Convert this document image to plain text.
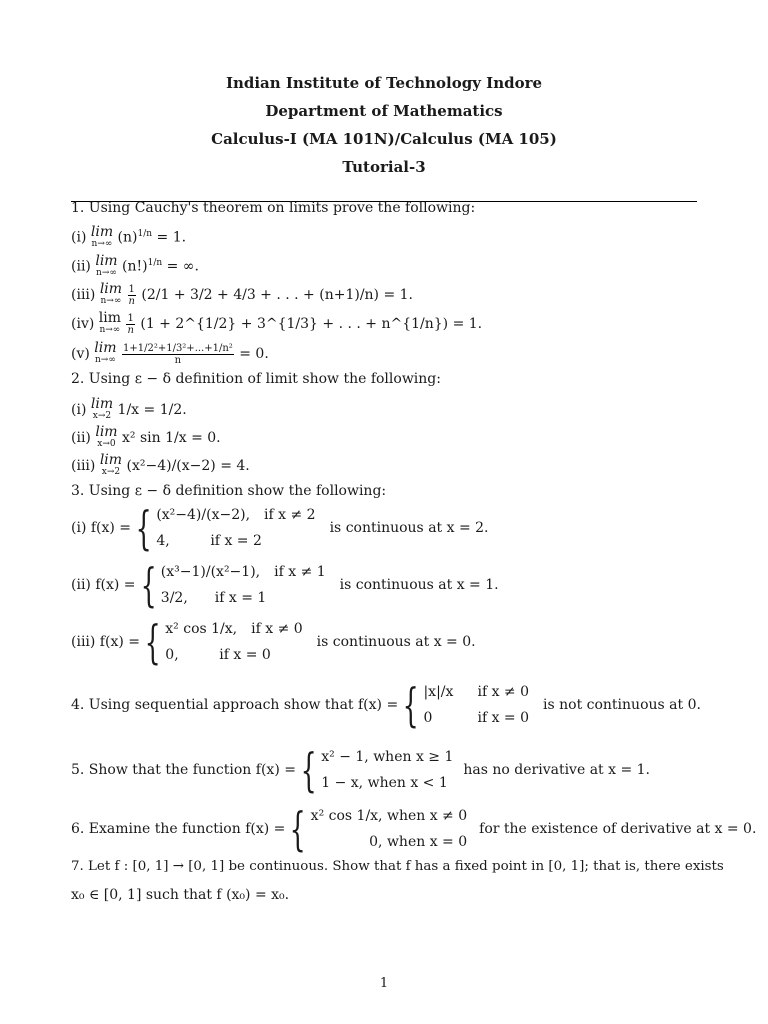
Indian Institute of Technology Indore
Department of Mathematics
Calculus-I (MA 101N)/Calculus (MA 105)
Tutorial-3
1. Using Cauchy's theorem on limits prove the following:
(i) lim
n→∞ $(n)^{1/n} = 1$.
(ii) lim
n→∞ $(n!)^{1/n}$ = ∞.
(iii) lim
n→∞
$\frac{1}{n} (2/1 + 3/2 + 4/3$ + . . . + (n+1)/n) = 1.
(iv) lim
n→∞
$\frac{1}{n} (1$ + 2^{1/2} + 3^{1/3} + . . . + n^{1/n}) = 1.
(v) lim
n→∞
$\frac{\text{1+1/2²+1/3²+...+1/n²}}{n} = 0$.
2. Using ε − δ definition of limit show the following:
(i) lim
x→2 1/x = 1/2.
(ii) lim
x→0 x² sin 1/x = 0.
(iii) lim
x→2 (x²−4)/(x−2) = 4.
3. Using ε − δ definition show the following:
(i) f(x) = { (x²−4)/(x−2), if x ≠ 2
4,	if x = 2
is continuous at x = 2.
(ii) f(x) = { (x³−1)/(x²−1), if x ≠ 1
3/2,	if x = 1
is continuous at x = 1.
(iii) f(x) = { x² cos 1/x, if x ≠ 0
0,	if x = 0
is continuous at x = 0.
4. Using sequential approach show that f(x) = { |x|/x	if x ≠ 0
0	if x = 0
is not continuous at 0.
5. Show that the function f(x) = { x² − 1, when x ≥ 1
1 − x, when x < 1
has no derivative at x = 1.
6. Examine the function f(x) = { x² cos 1/x, when x ≠ 0
0, when x = 0
for the existence of derivative at x = 0.
7. Let f : [0, 1] → [0, 1] be continuous. Show that f has a fixed point in [0, 1]; that is, there exists
x₀ ∈ [0, 1] such that f (x₀) = x₀.
1
